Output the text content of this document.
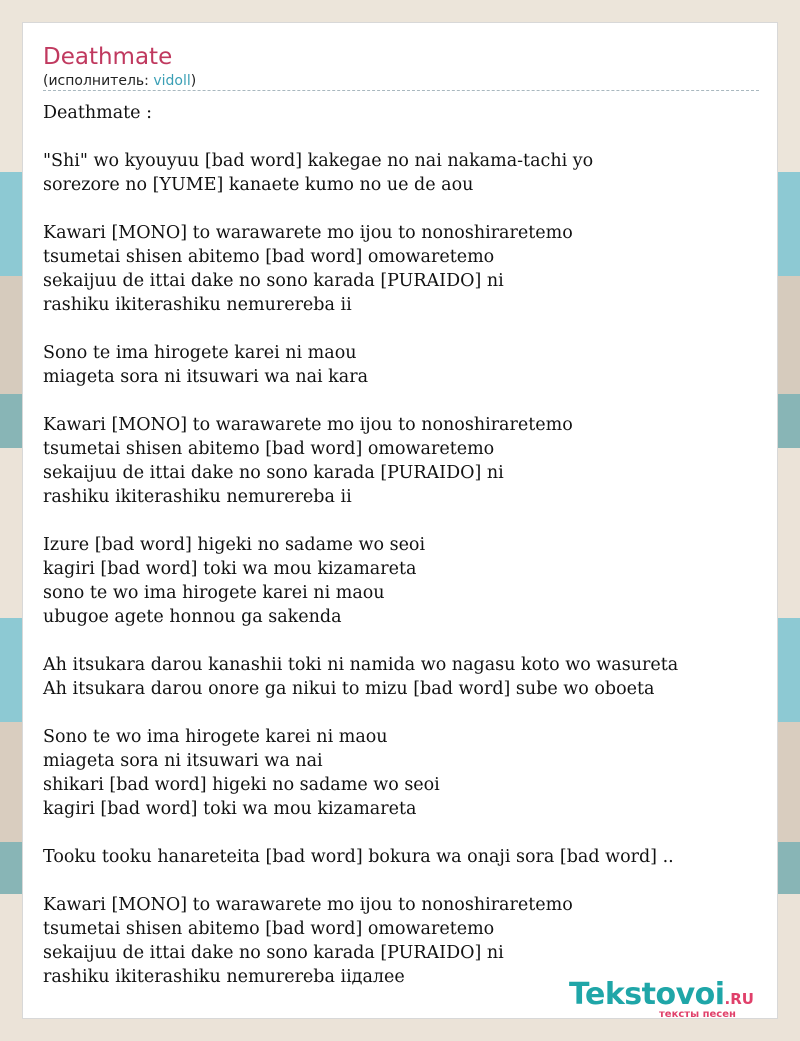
Deathmate
(исполнитель: vidoll)
Deathmate :

"Shi" wo kyouyuu [bad word] kakegae no nai nakama-tachi yo
sorezore no [YUME] kanaete kumo no ue de aou

Kawari [MONO] to warawarete mo ijou to nonoshiraretemo
tsumetai shisen abitemo [bad word] omowaretemo
sekaijuu de ittai dake no sono karada [PURAIDO] ni
rashiku ikiterashiku nemurereba ii

Sono te ima hirogete karei ni maou
miageta sora ni itsuwari wa nai kara

Kawari [MONO] to warawarete mo ijou to nonoshiraretemo
tsumetai shisen abitemo [bad word] omowaretemo
sekaijuu de ittai dake no sono karada [PURAIDO] ni
rashiku ikiterashiku nemurereba ii

Izure [bad word] higeki no sadame wo seoi
kagiri [bad word] toki wa mou kizamareta
sono te wo ima hirogete karei ni maou
ubugoe agete honnou ga sakenda

Ah itsukara darou kanashii toki ni namida wo nagasu koto wo wasureta
Ah itsukara darou onore ga nikui to mizu [bad word] sube wo oboeta

Sono te wo ima hirogete karei ni maou
miageta sora ni itsuwari wa nai
shikari [bad word] higeki no sadame wo seoi
kagiri [bad word] toki wa mou kizamareta

Tooku tooku hanareteita [bad word] bokura wa onaji sora [bad word] ..

Kawari [MONO] to warawarete mo ijou to nonoshiraretemo
tsumetai shisen abitemo [bad word] omowaretemo
sekaijuu de ittai dake no sono karada [PURAIDO] ni
rashiku ikiterashiku nemurereba iiдалее	Tekstovoi.RU
тексты песен
